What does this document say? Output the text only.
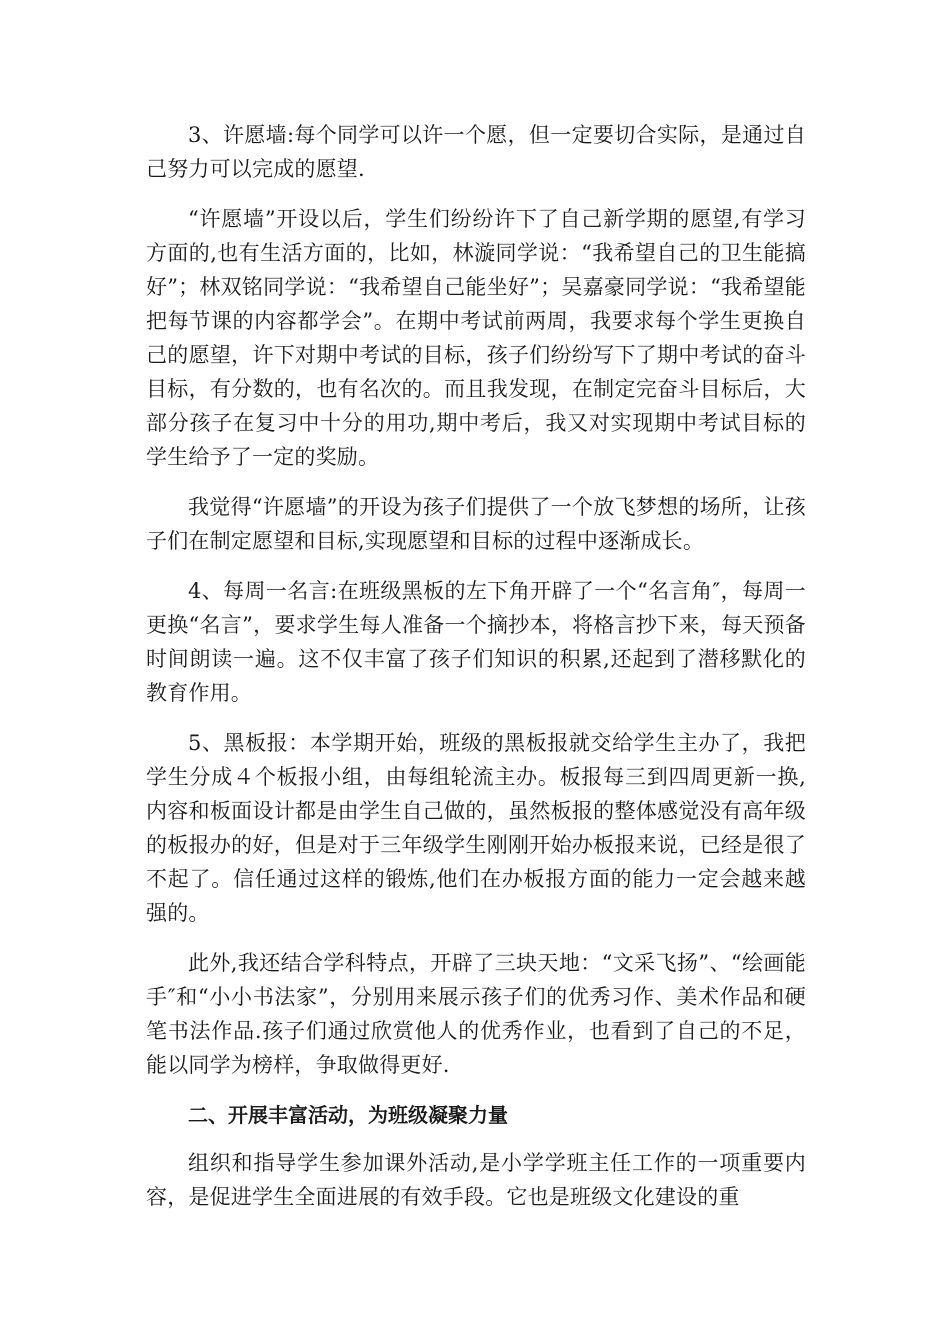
3、许愿墙:每个同学可以许一个愿，但一定要切合实际，是通过自己努力可以完成的愿望.

“许愿墙”开设以后，学生们纷纷许下了自己新学期的愿望,有学习方面的,也有生活方面的，比如，林漩同学说：“我希望自己的卫生能搞好”；林双铭同学说：“我希望自己能坐好”；吴嘉豪同学说：“我希望能把每节课的内容都学会”。在期中考试前两周，我要求每个学生更换自己的愿望，许下对期中考试的目标，孩子们纷纷写下了期中考试的奋斗目标，有分数的，也有名次的。而且我发现，在制定完奋斗目标后，大部分孩子在复习中十分的用功,期中考后，我又对实现期中考试目标的学生给予了一定的奖励。

我觉得“许愿墙”的开设为孩子们提供了一个放飞梦想的场所，让孩子们在制定愿望和目标,实现愿望和目标的过程中逐渐成长。

4、每周一名言:在班级黑板的左下角开辟了一个“名言角″，每周一更换“名言”，要求学生每人准备一个摘抄本，将格言抄下来，每天预备时间朗读一遍。这不仅丰富了孩子们知识的积累,还起到了潜移默化的教育作用。

5、黑板报：本学期开始，班级的黑板报就交给学生主办了，我把学生分成４个板报小组，由每组轮流主办。板报每三到四周更新一换,内容和板面设计都是由学生自己做的，虽然板报的整体感觉没有高年级的板报办的好，但是对于三年级学生刚刚开始办板报来说，已经是很了不起了。信任通过这样的锻炼,他们在办板报方面的能力一定会越来越强的。

此外,我还结合学科特点，开辟了三块天地：“文采飞扬”、“绘画能手″和“小小书法家”，分别用来展示孩子们的优秀习作、美术作品和硬笔书法作品.孩子们通过欣赏他人的优秀作业，也看到了自己的不足，能以同学为榜样，争取做得更好.

二、开展丰富活动，为班级凝聚力量

组织和指导学生参加课外活动,是小学学班主任工作的一项重要内容，是促进学生全面进展的有效手段。它也是班级文化建设的重
